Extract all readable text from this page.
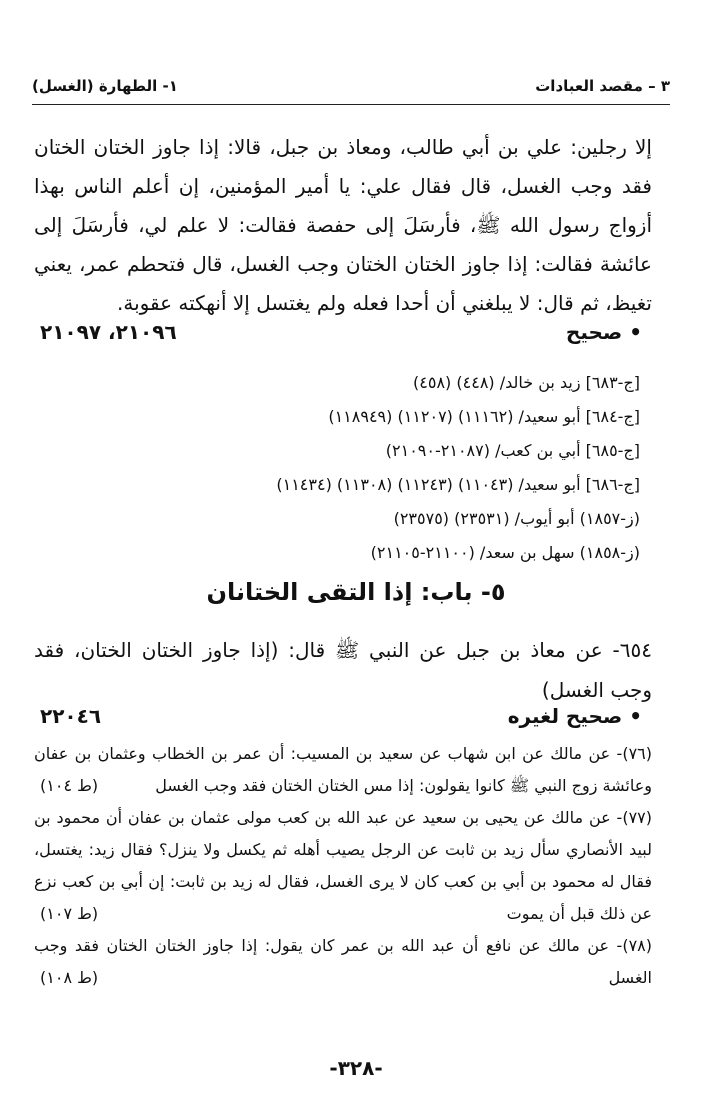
٣ – مقصد العبادات
١- الطهارة (الغسل)

إلا رجلين: علي بن أبي طالب، ومعاذ بن جبل، قالا: إذا جاوز الختان الختان فقد وجب الغسل، قال فقال علي: يا أمير المؤمنين، إن أعلم الناس بهذا أزواج رسول الله ﷺ، فأرسَلَ إلى حفصة فقالت: لا علم لي، فأرسَلَ إلى عائشة فقالت: إذا جاوز الختان الختان وجب الغسل، قال فتحطم عمر، يعني تغيظ، ثم قال: لا يبلغني أن أحدا فعله ولم يغتسل إلا أنهكته عقوبة.

• صحيح
٢١٠٩٦، ٢١٠٩٧
[ج-٦٨٣] زيد بن خالد/ (٤٤٨) (٤٥٨)
[ج-٦٨٤] أبو سعيد/ (١١١٦٢) (١١٢٠٧) (١١٨٩٤٩)
[ج-٦٨٥] أبي بن كعب/ (٢١٠٨٧-٢١٠٩٠)
[ج-٦٨٦] أبو سعيد/ (١١٠٤٣) (١١٢٤٣) (١١٣٠٨) (١١٤٣٤)
(ز-١٨٥٧) أبو أيوب/ (٢٣٥٣١) (٢٣٥٧٥)
(ز-١٨٥٨) سهل بن سعد/ (٢١١٠٠-٢١١٠٥)
٥- باب: إذا التقى الختانان

٦٥٤- عن معاذ بن جبل عن النبي ﷺ قال: (إذا جاوز الختان الختان، فقد وجب الغسل)

• صحيح لغيره
٢٢٠٤٦

(٧٦)- عن مالك عن ابن شهاب عن سعيد بن المسيب: أن عمر بن الخطاب وعثمان بن عفان وعائشة زوج النبي ﷺ كانوا يقولون: إذا مس الختان الختان فقد وجب الغسل

(ط ١٠٤)

(٧٧)- عن مالك عن يحيى بن سعيد عن عبد الله بن كعب مولى عثمان بن عفان أن محمود بن لبيد الأنصاري سأل زيد بن ثابت عن الرجل يصيب أهله ثم يكسل ولا ينزل؟ فقال زيد: يغتسل، فقال له محمود بن أبي بن كعب كان لا يرى الغسل، فقال له زيد بن ثابت: إن أبي بن كعب نزع عن ذلك قبل أن يموت

(ط ١٠٧)

(٧٨)- عن مالك عن نافع أن عبد الله بن عمر كان يقول: إذا جاوز الختان الختان فقد وجب الغسل

(ط ١٠٨)
-٣٢٨-
